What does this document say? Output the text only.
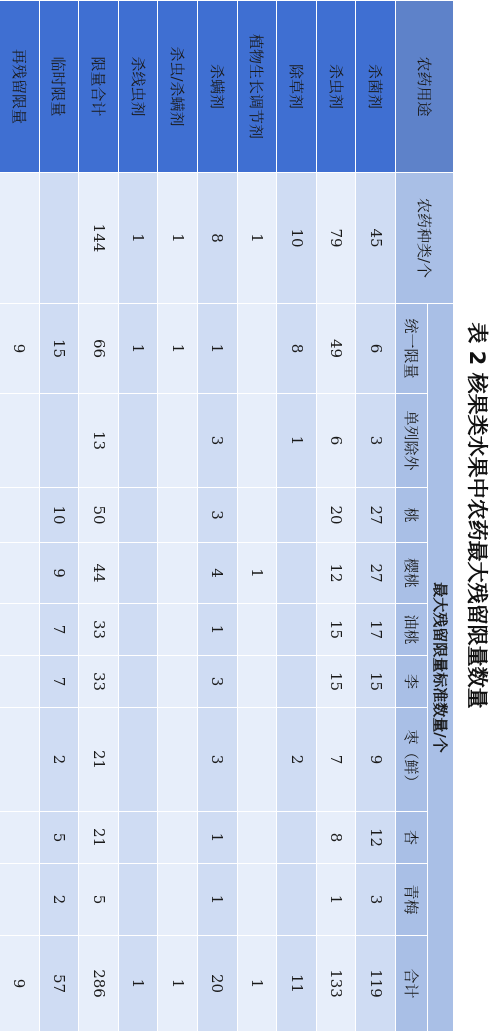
表 2 核果类水果中农药最大残留限量数量
农药用途	农药种类/个	最大残留限量标准数量/个									
		统一限量	单列除外	桃	樱桃	油桃	李	枣（鲜）	杏	青梅	合计
杀菌剂	45	6	3	27	27	17	15	9	12	3	119
杀虫剂	79	49	6	20	12	15	15	7	8	1	133
除草剂	10	8	1					2			11
植物生长调节剂	1				1						1
杀螨剂	8	1	3	3	4	1	3	3	1	1	20
杀虫/杀螨剂	1	1									1
杀线虫剂	1	1									1
限量合计	144	66	13	50	44	33	33	21	21	5	286
临时限量		15		10	9	7	7	2	5	2	57
再残留限量		9									9
